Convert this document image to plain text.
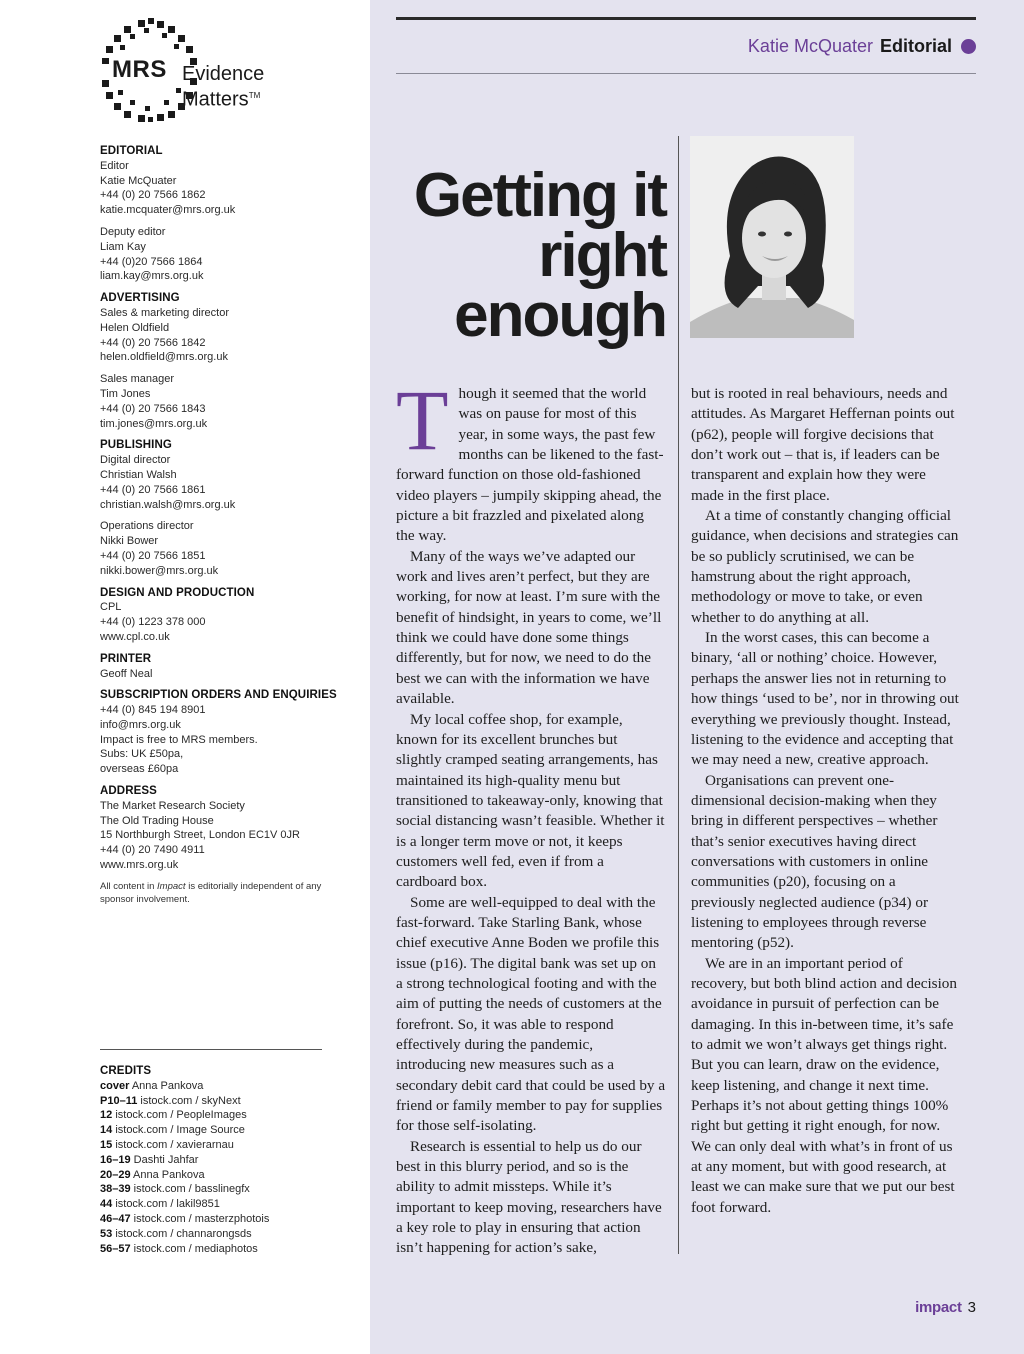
MRS Evidence
Matters™
EDITORIAL
Editor
Katie McQuater
+44 (0) 20 7566 1862
katie.mcquater@mrs.org.uk
Deputy editor
Liam Kay
+44 (0)20 7566 1864
liam.kay@mrs.org.uk
ADVERTISING
Sales & marketing director
Helen Oldfield
+44 (0) 20 7566 1842
helen.oldfield@mrs.org.uk
Sales manager
Tim Jones
+44 (0) 20 7566 1843
tim.jones@mrs.org.uk
PUBLISHING
Digital director
Christian Walsh
+44 (0) 20 7566 1861
christian.walsh@mrs.org.uk
Operations director
Nikki Bower
+44 (0) 20 7566 1851
nikki.bower@mrs.org.uk
DESIGN AND PRODUCTION
CPL
+44 (0) 1223 378 000
www.cpl.co.uk
PRINTER
Geoff Neal
SUBSCRIPTION ORDERS AND ENQUIRIES
+44 (0) 845 194 8901
info@mrs.org.uk
Impact is free to MRS members.
Subs: UK £50pa,
overseas £60pa
ADDRESS
The Market Research Society
The Old Trading House
15 Northburgh Street, London EC1V 0JR
+44 (0) 20 7490 4911
www.mrs.org.uk
All content in Impact is editorially independent of any sponsor involvement.
CREDITS
cover Anna Pankova
P10–11 istock.com / skyNext
12 istock.com / PeopleImages
14 istock.com / Image Source
15 istock.com / xavierarnau
16–19 Dashti Jahfar
20–29 Anna Pankova
38–39 istock.com / basslinegfx
44 istock.com / lakil9851
46–47 istock.com / masterzphotois
53 istock.com / channarongsds
56–57 istock.com / mediaphotos
Katie McQuater Editorial
Getting it
right
enough

Though it seemed that the world was on pause for most of this year, in some ways, the past few months can be likened to the fast-forward function on those old-fashioned video players – jumpily skipping ahead, the picture a bit frazzled and pixelated along the way.

Many of the ways we’ve adapted our work and lives aren’t perfect, but they are working, for now at least. I’m sure with the benefit of hindsight, in years to come, we’ll think we could have done some things differently, but for now, we need to do the best we can with the information we have available.

My local coffee shop, for example, known for its excellent brunches but slightly cramped seating arrangements, has maintained its high-quality menu but transitioned to takeaway-only, knowing that social distancing wasn’t feasible. Whether it is a longer term move or not, it keeps customers well fed, even if from a cardboard box.

Some are well-equipped to deal with the fast-forward. Take Starling Bank, whose chief executive Anne Boden we profile this issue (p16). The digital bank was set up on a strong technological footing and with the aim of putting the needs of customers at the forefront. So, it was able to respond effectively during the pandemic, introducing new measures such as a secondary debit card that could be used by a friend or family member to pay for supplies for those self-isolating.

Research is essential to help us do our best in this blurry period, and so is the ability to admit missteps. While it’s important to keep moving, researchers have a key role to play in ensuring that action isn’t happening for action’s sake,

but is rooted in real behaviours, needs and attitudes. As Margaret Heffernan points out (p62), people will forgive decisions that don’t work out – that is, if leaders can be transparent and explain how they were made in the first place.

At a time of constantly changing official guidance, when decisions and strategies can be so publicly scrutinised, we can be hamstrung about the right approach, methodology or move to take, or even whether to do anything at all.

In the worst cases, this can become a binary, ‘all or nothing’ choice. However, perhaps the answer lies not in returning to how things ‘used to be’, nor in throwing out everything we previously thought. Instead, listening to the evidence and accepting that we may need a new, creative approach.

Organisations can prevent one-dimensional decision-making when they bring in different perspectives – whether that’s senior executives having direct conversations with customers in online communities (p20), focusing on a previously neglected audience (p34) or listening to employees through reverse mentoring (p52).

We are in an important period of recovery, but both blind action and decision avoidance in pursuit of perfection can be damaging. In this in-between time, it’s safe to admit we won’t always get things right. But you can learn, draw on the evidence, keep listening, and change it next time. Perhaps it’s not about getting things 100% right but getting it right enough, for now. We can only deal with what’s in front of us at any moment, but with good research, at least we can make sure that we put our best foot forward.

impact 3
